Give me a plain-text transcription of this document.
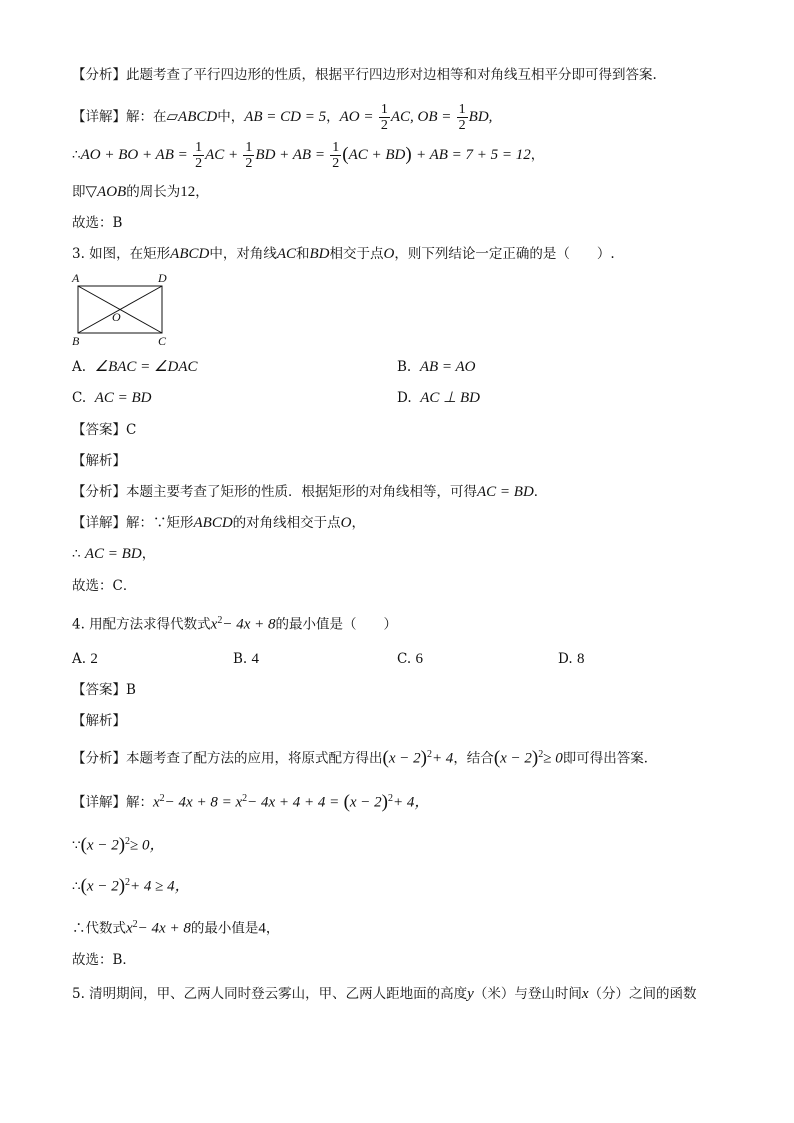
【分析】此题考查了平行四边形的性质，根据平行四边形对边相等和对角线互相平分即可得到答案.
【详解】解：在▱ABCD中，AB = CD = 5，AO = $\frac{1}{2}$ AC, OB = $\frac{1}{2}$ BD,
∴AO + BO + AB = $\frac{1}{2}$ AC + $\frac{1}{2}$ BD + AB = $\frac{1}{2} (AC + BD)$ + AB = 7 + 5 = 12，
即▽AOB的周长为12，
故选：B
3. 如图，在矩形ABCD中，对角线AC和BD相交于点O，则下列结论一定正确的是（　　）.
A	D
O
B	C
A. ∠BAC = ∠DAC	B. AB = AO
C. AC = BD	D. AC ⊥ BD
【答案】C
【解析】
【分析】本题主要考查了矩形的性质．根据矩形的对角线相等，可得AC = BD．
【详解】解：∵矩形ABCD的对角线相交于点O，
∴ AC = BD，
故选：C．
4. 用配方法求得代数式$x^2- 4x + 8$的最小值是（　　）
A. 2	B. 4	C. 6	D. 8
【答案】B
【解析】
【分析】本题考查了配方法的应用，将原式配方得出$(x - 2)^2+ 4$，结合$(x - 2)^2\ge 0$即可得出答案．
【详解】解：$x^2- 4x + 8 = x^2- 4x + 4 + 4 = (x - 2)^2+ 4$，
∵(x − 2)$^2$≥ 0，
∴(x − 2)$^2$+ 4 ≥ 4，
∴代数式$x^2- 4x + 8$的最小值是4，
故选：B．
5. 清明期间，甲、乙两人同时登云雾山，甲、乙两人距地面的高度y（米）与登山时间x（分）之间的函数
